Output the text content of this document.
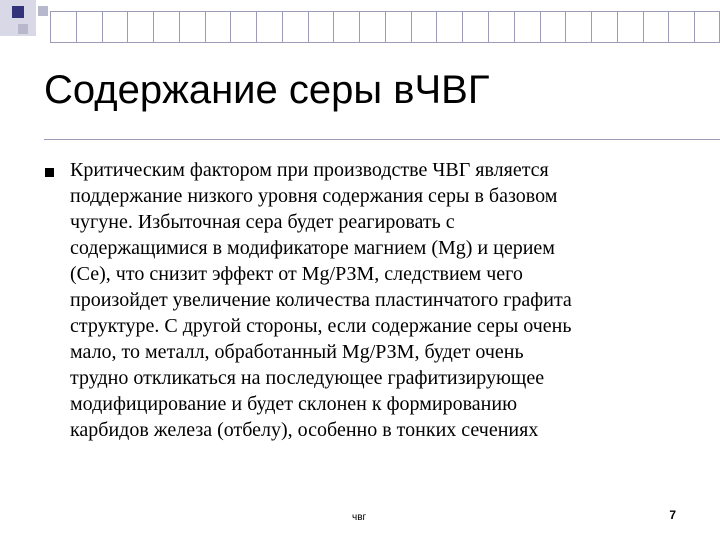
Содержание серы вЧВГ
Критическим фактором при производстве ЧВГ является
поддержание низкого уровня содержания серы в базовом
чугуне. Избыточная сера будет реагировать с
содержащимися в модификаторе магнием (Mg) и церием
(Се), что снизит эффект от Mg/РЗМ, следствием чего
произойдет увеличение количества пластинчатого графита
структуре. С другой стороны, если содержание серы очень
мало, то металл, обработанный Mg/РЗМ, будет очень
трудно откликаться на последующее графитизирующее
модифицирование и будет склонен к формированию
карбидов железа (отбелу), особенно в тонких сечениях
чвг	7
